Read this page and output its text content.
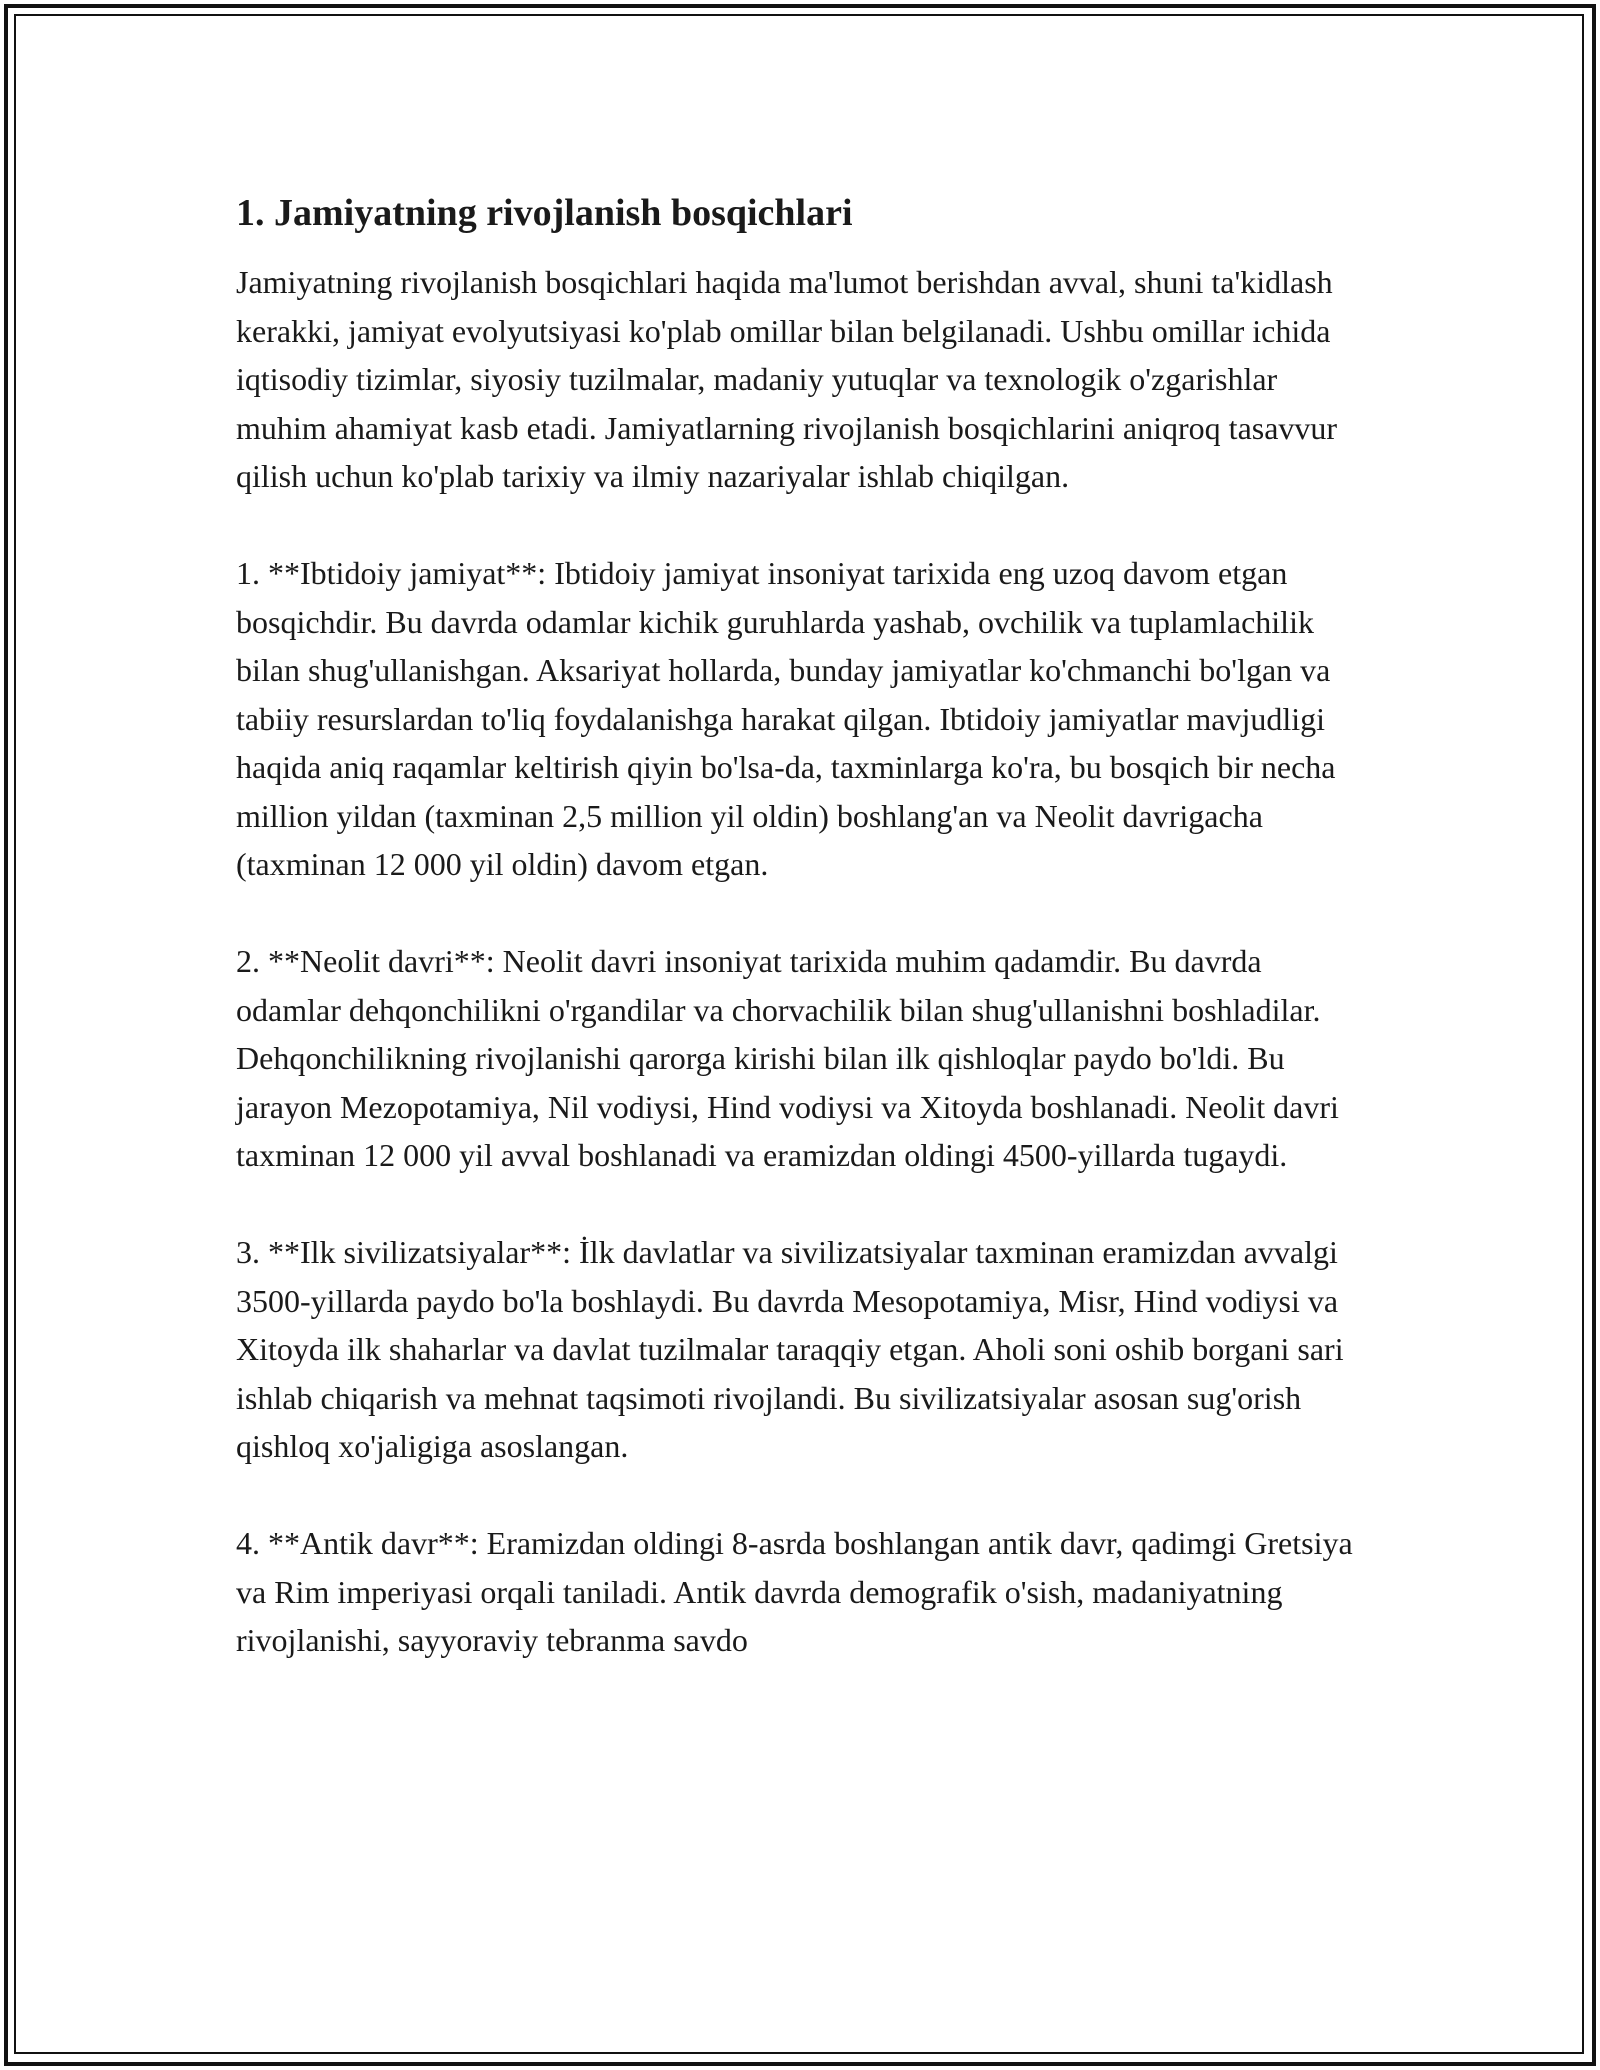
1. Jamiyatning rivojlanish bosqichlari

Jamiyatning rivojlanish bosqichlari haqida ma'lumot berishdan avval, shuni ta'kidlash kerakki, jamiyat evolyutsiyasi ko'plab omillar bilan belgilanadi. Ushbu omillar ichida iqtisodiy tizimlar, siyosiy tuzilmalar, madaniy yutuqlar va texnologik o'zgarishlar muhim ahamiyat kasb etadi. Jamiyatlarning rivojlanish bosqichlarini aniqroq tasavvur qilish uchun ko'plab tarixiy va ilmiy nazariyalar ishlab chiqilgan.

1. **Ibtidoiy jamiyat**: Ibtidoiy jamiyat insoniyat tarixida eng uzoq davom etgan bosqichdir. Bu davrda odamlar kichik guruhlarda yashab, ovchilik va tuplamlachilik bilan shug'ullanishgan. Aksariyat hollarda, bunday jamiyatlar ko'chmanchi bo'lgan va tabiiy resurslardan to'liq foydalanishga harakat qilgan. Ibtidoiy jamiyatlar mavjudligi haqida aniq raqamlar keltirish qiyin bo'lsa-da, taxminlarga ko'ra, bu bosqich bir necha million yildan (taxminan 2,5 million yil oldin) boshlang'an va Neolit davrigacha (taxminan 12 000 yil oldin) davom etgan.

2. **Neolit davri**: Neolit davri insoniyat tarixida muhim qadamdir. Bu davrda odamlar dehqonchilikni o'rgandilar va chorvachilik bilan shug'ullanishni boshladilar. Dehqonchilikning rivojlanishi qarorga kirishi bilan ilk qishloqlar paydo bo'ldi. Bu jarayon Mezopotamiya, Nil vodiysi, Hind vodiysi va Xitoyda boshlanadi. Neolit davri taxminan 12 000 yil avval boshlanadi va eramizdan oldingi 4500-yillarda tugaydi.

3. **Ilk sivilizatsiyalar**: İlk davlatlar va sivilizatsiyalar taxminan eramizdan avvalgi 3500-yillarda paydo bo'la boshlaydi. Bu davrda Mesopotamiya, Misr, Hind vodiysi va Xitoyda ilk shaharlar va davlat tuzilmalar taraqqiy etgan. Aholi soni oshib borgani sari ishlab chiqarish va mehnat taqsimoti rivojlandi. Bu sivilizatsiyalar asosan sug'orish qishloq xo'jaligiga asoslangan.

4. **Antik davr**: Eramizdan oldingi 8-asrda boshlangan antik davr, qadimgi Gretsiya va Rim imperiyasi orqali taniladi. Antik davrda demografik o'sish, madaniyatning rivojlanishi, sayyoraviy tebranma savdo
